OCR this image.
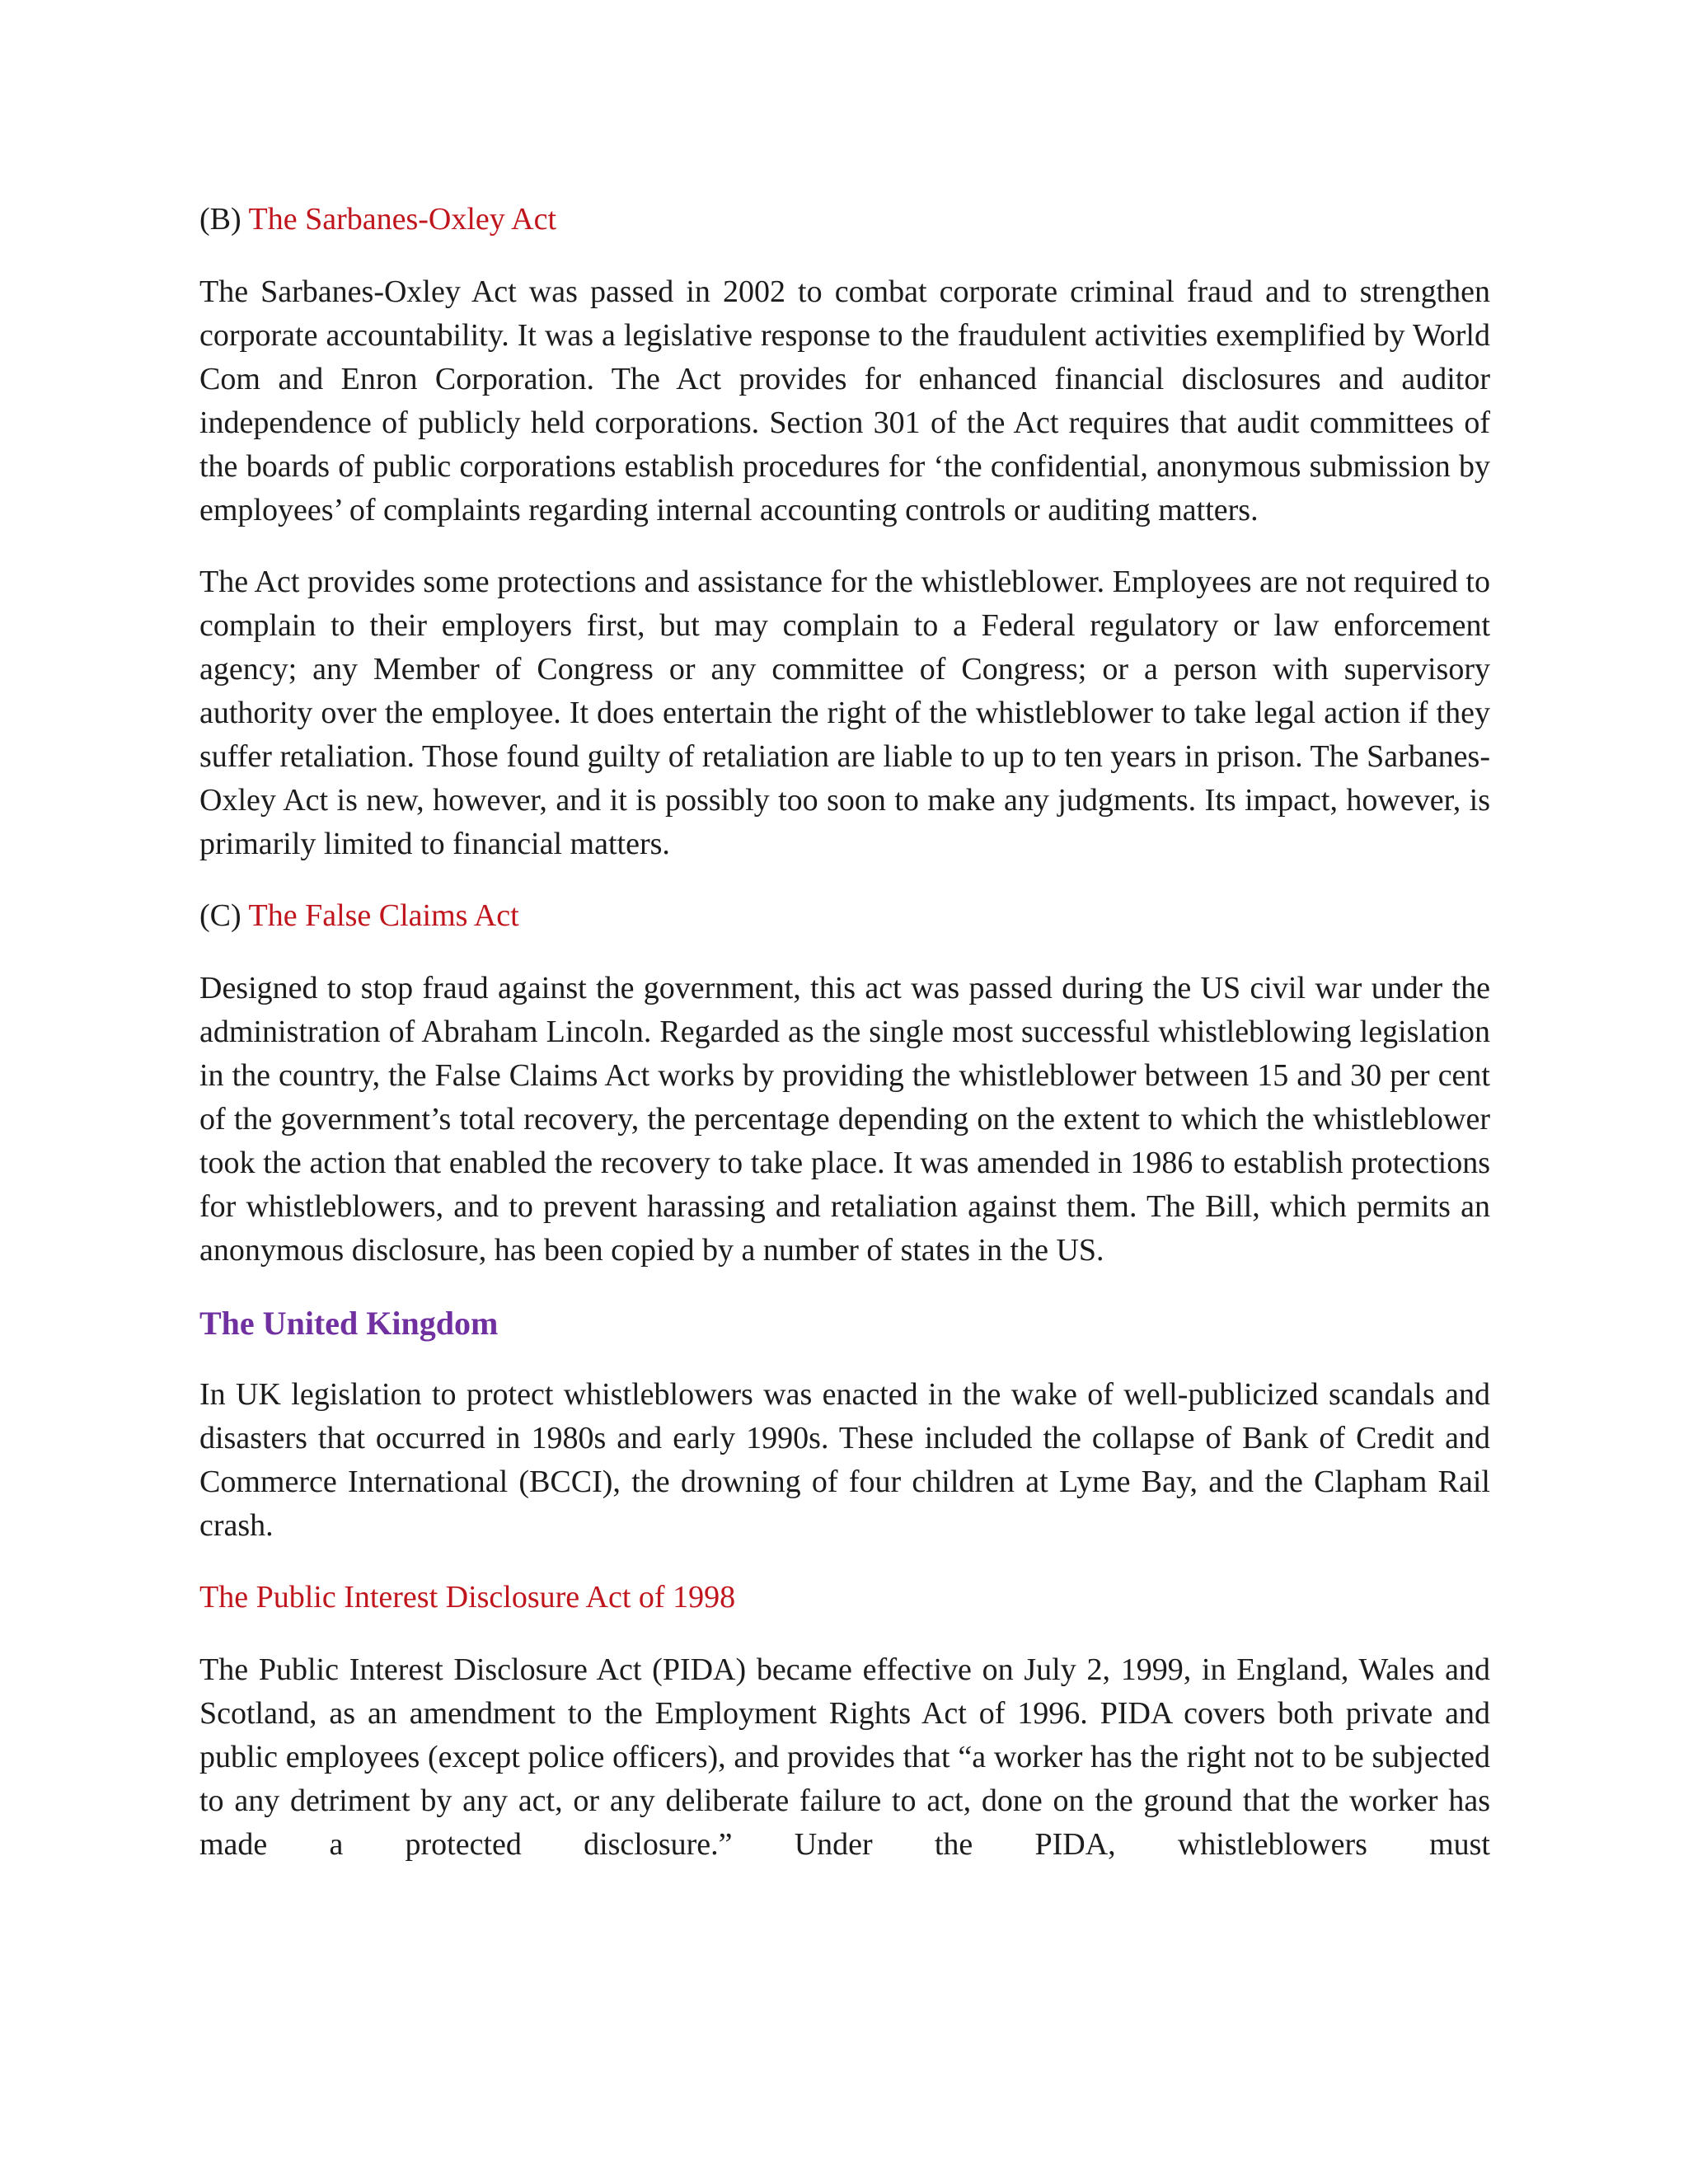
(B) The Sarbanes-Oxley Act

The Sarbanes-Oxley Act was passed in 2002 to combat corporate criminal fraud and to strengthen corporate accountability. It was a legislative response to the fraudulent activities exemplified by World Com and Enron Corporation. The Act provides for enhanced financial disclosures and auditor independence of publicly held corporations. Section 301 of the Act requires that audit committees of the boards of public corporations establish procedures for ‘the confidential, anonymous submission by employees’ of complaints regarding internal accounting controls or auditing matters.

The Act provides some protections and assistance for the whistleblower. Employees are not required to complain to their employers first, but may complain to a Federal regulatory or law enforcement agency; any Member of Congress or any committee of Congress; or a person with supervisory authority over the employee. It does entertain the right of the whistleblower to take legal action if they suffer retaliation. Those found guilty of retaliation are liable to up to ten years in prison. The Sarbanes-Oxley Act is new, however, and it is possibly too soon to make any judgments. Its impact, however, is primarily limited to financial matters.

(C) The False Claims Act

Designed to stop fraud against the government, this act was passed during the US civil war under the administration of Abraham Lincoln. Regarded as the single most successful whistleblowing legislation in the country, the False Claims Act works by providing the whistleblower between 15 and 30 per cent of the government’s total recovery, the percentage depending on the extent to which the whistleblower took the action that enabled the recovery to take place. It was amended in 1986 to establish protections for whistleblowers, and to prevent harassing and retaliation against them. The Bill, which permits an anonymous disclosure, has been copied by a number of states in the US.

The United Kingdom

In UK legislation to protect whistleblowers was enacted in the wake of well-publicized scandals and disasters that occurred in 1980s and early 1990s. These included the collapse of Bank of Credit and Commerce International (BCCI), the drowning of four children at Lyme Bay, and the Clapham Rail crash.

The Public Interest Disclosure Act of 1998

The Public Interest Disclosure Act (PIDA) became effective on July 2, 1999, in England, Wales and Scotland, as an amendment to the Employment Rights Act of 1996. PIDA covers both private and public employees (except police officers), and provides that “a worker has the right not to be subjected to any detriment by any act, or any deliberate failure to act, done on the ground that the worker has made a protected disclosure.” Under the PIDA, whistleblowers must
